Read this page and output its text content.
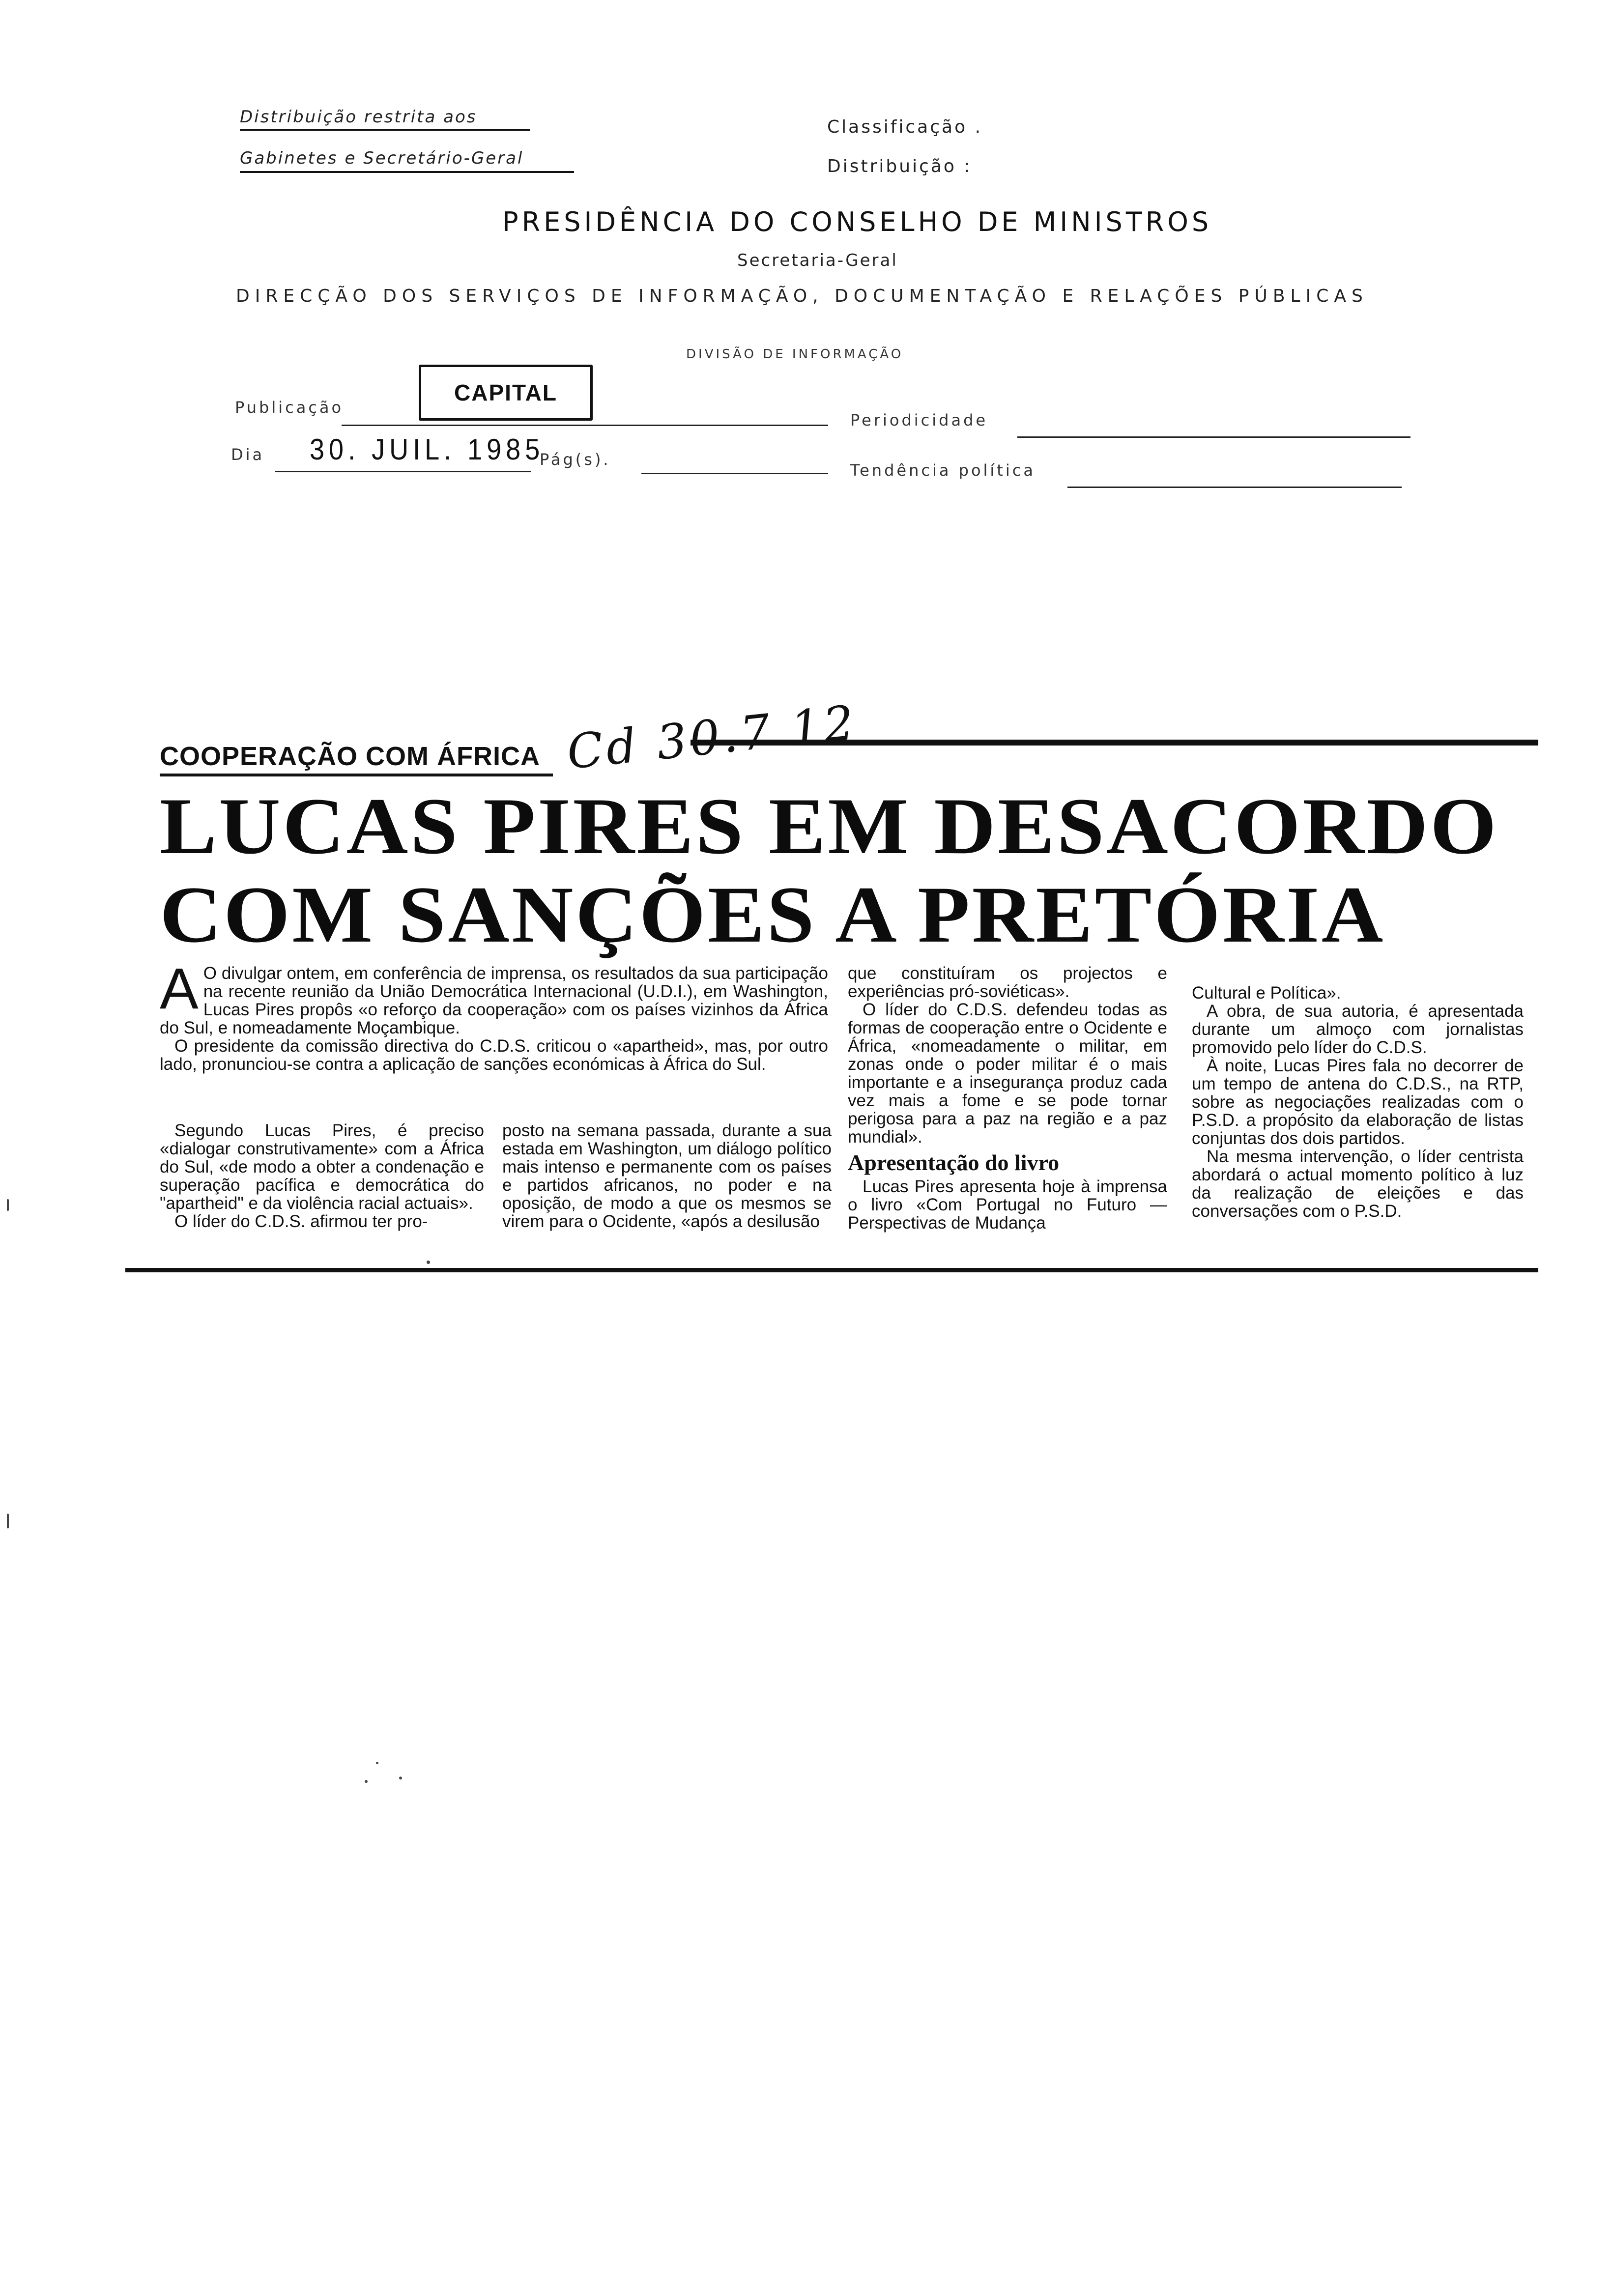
Distribuição restrita aos
Gabinetes e Secretário-Geral
Classificação .
Distribuição :
PRESIDÊNCIA DO CONSELHO DE MINISTROS
Secretaria-Geral
DIRECÇÃO DOS SERVIÇOS DE INFORMAÇÃO, DOCUMENTAÇÃO E RELAÇÕES PÚBLICAS
DIVISÃO DE INFORMAÇÃO
Publicação
CAPITAL
Periodicidade
Dia 30. JUIL. 1985
Pág(s).
Tendência política
COOPERAÇÃO COM ÁFRICA Cd 30.7 12
LUCAS PIRES EM DESACORDO
COM SANÇÕES A PRETÓRIA
A O divulgar ontem, em conferência de imprensa, os resultados da sua participação na recente reunião da União Democrática Internacional (U.D.I.), em Washington, Lucas Pires propôs «o reforço da cooperação» com os países vizinhos da África do Sul, e nomeadamente Moçambique.

O presidente da comissão directiva do C.D.S. criticou o «apartheid», mas, por outro lado, pronunciou-se contra a aplicação de sanções económicas à África do Sul.

Segundo Lucas Pires, é preciso «dialogar construtivamente» com a África do Sul, «de modo a obter a condenação e superação pacífica e democrática do "apartheid" e da violência racial actuais».

O líder do C.D.S. afirmou ter pro-

posto na semana passada, durante a sua estada em Washington, um diálogo político mais intenso e permanente com os países e partidos africanos, no poder e na oposição, de modo a que os mesmos se virem para o Ocidente, «após a desilusão

que constituíram os projectos e experiências pró-soviéticas».

O líder do C.D.S. defendeu todas as formas de cooperação entre o Ocidente e África, «nomeadamente o militar, em zonas onde o poder militar é o mais importante e a insegurança produz cada vez mais a fome e se pode tornar perigosa para a paz na região e a paz mundial».

Apresentação do livro

Lucas Pires apresenta hoje à imprensa o livro «Com Portugal no Futuro — Perspectivas de Mudança

Cultural e Política».

A obra, de sua autoria, é apresentada durante um almoço com jornalistas promovido pelo líder do C.D.S.

À noite, Lucas Pires fala no decorrer de um tempo de antena do C.D.S., na RTP, sobre as negociações realizadas com o P.S.D. a propósito da elaboração de listas conjuntas dos dois partidos.

Na mesma intervenção, o líder centrista abordará o actual momento político à luz da realização de eleições e das conversações com o P.S.D.
